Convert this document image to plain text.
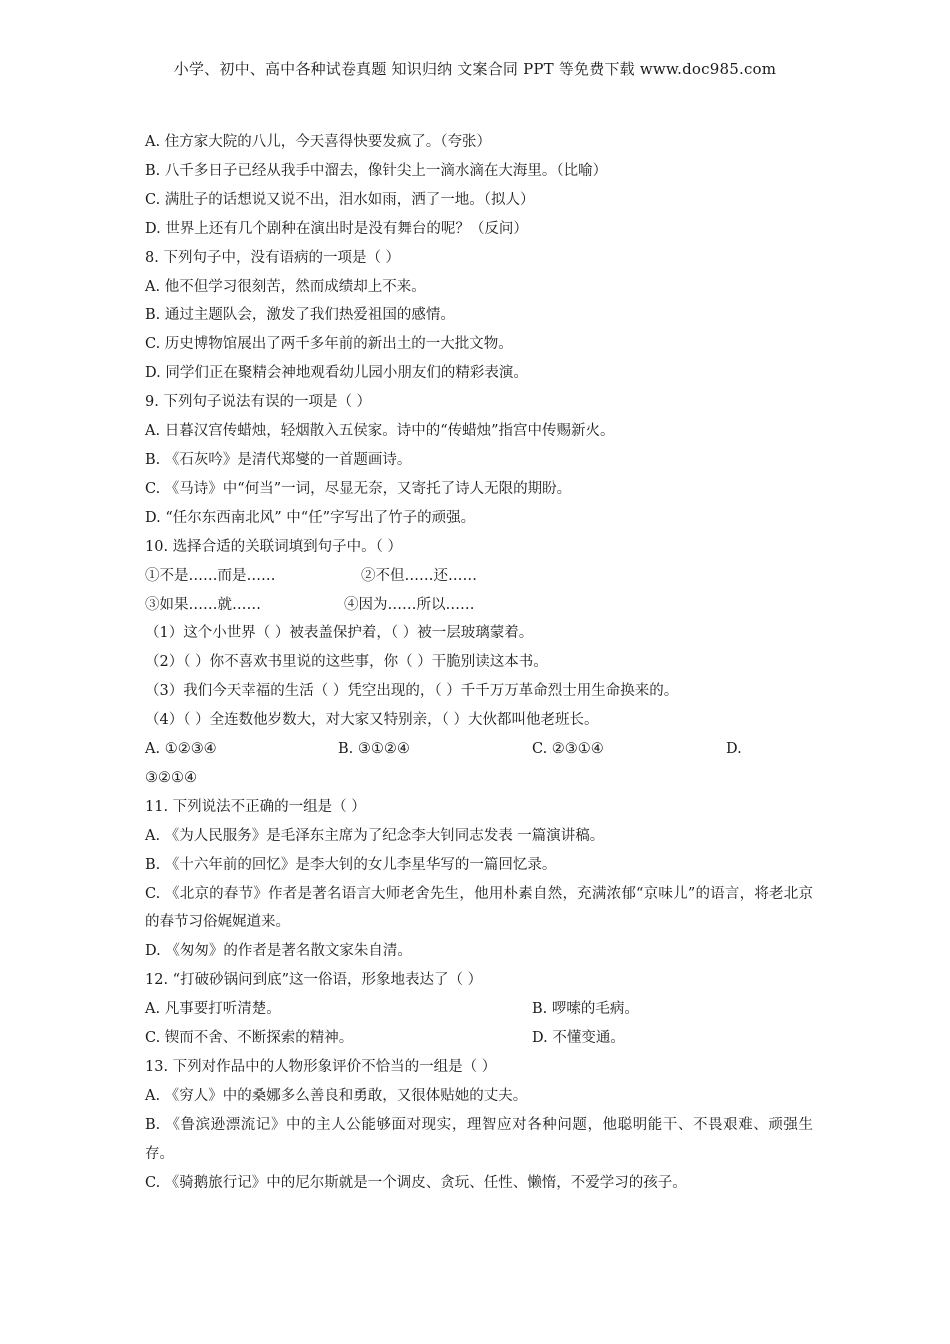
小学、初中、高中各种试卷真题 知识归纳 文案合同 PPT 等免费下载 www.doc985.com
A. 住方家大院的八儿，今天喜得快要发疯了。（夸张）
B. 八千多日子已经从我手中溜去，像针尖上一滴水滴在大海里。（比喻）
C. 满肚子的话想说又说不出，泪水如雨，洒了一地。（拟人）
D. 世界上还有几个剧种在演出时是没有舞台的呢？（反问）
8. 下列句子中，没有语病的一项是（ ）
A. 他不但学习很刻苦，然而成绩却上不来。
B. 通过主题队会，激发了我们热爱祖国的感情。
C. 历史博物馆展出了两千多年前的新出土的一大批文物。
D. 同学们正在聚精会神地观看幼儿园小朋友们的精彩表演。
9. 下列句子说法有误的一项是（ ）
A. 日暮汉宫传蜡烛，轻烟散入五侯家。诗中的“传蜡烛”指宫中传赐新火。
B. 《石灰吟》是清代郑燮的一首题画诗。
C. 《马诗》中“何当”一词，尽显无奈，又寄托了诗人无限的期盼。
D. “任尔东西南北风” 中“任”字写出了竹子的顽强。
10. 选择合适的关联词填到句子中。（ ）
①不是……而是……	②不但……还……
③如果……就……	④因为……所以……
（1）这个小世界（ ）被表盖保护着，（ ）被一层玻璃蒙着。
（2）（ ）你不喜欢书里说的这些事，你（ ）干脆别读这本书。
（3）我们今天幸福的生活（ ）凭空出现的，（ ）千千万万革命烈士用生命换来的。
（4）（ ）全连数他岁数大，对大家又特别亲，（ ）大伙都叫他老班长。
A. ①②③④	B. ③①②④	C. ②③①④	D.
③②①④
11. 下列说法不正确的一组是（ ）
A. 《为人民服务》是毛泽东主席为了纪念李大钊同志发表 一篇演讲稿。
B. 《十六年前的回忆》是李大钊的女儿李星华写的一篇回忆录。
C. 《北京的春节》作者是著名语言大师老舍先生，他用朴素自然，充满浓郁“京味儿”的语言，将老北京的春节习俗娓娓道来。
D. 《匆匆》的作者是著名散文家朱自清。
12. “打破砂锅问到底”这一俗语，形象地表达了（ ）
A. 凡事要打听清楚。	B. 啰嗦的毛病。
C. 锲而不舍、不断探索的精神。	D. 不懂变通。
13. 下列对作品中的人物形象评价不恰当的一组是（ ）
A. 《穷人》中的桑娜多么善良和勇敢，又很体贴她的丈夫。
B. 《鲁滨逊漂流记》中的主人公能够面对现实，理智应对各种问题，他聪明能干、不畏艰难、顽强生存。
C. 《骑鹅旅行记》中的尼尔斯就是一个调皮、贪玩、任性、懒惰，不爱学习的孩子。
